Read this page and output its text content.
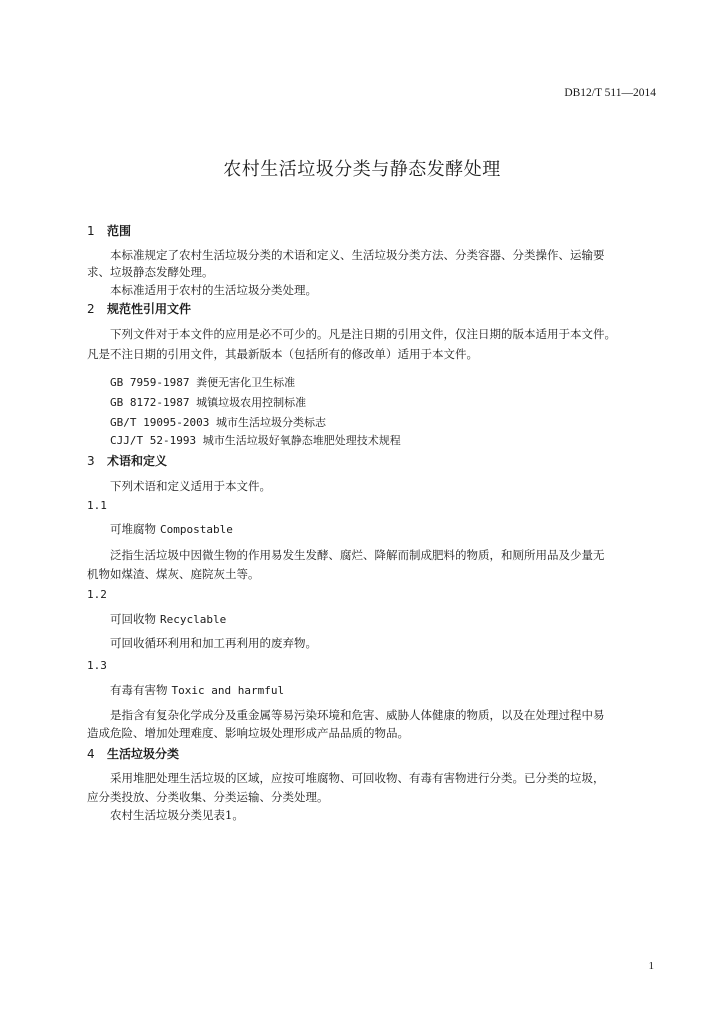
DB12/T 511—2014
农村生活垃圾分类与静态发酵处理
1 范围
本标准规定了农村生活垃圾分类的术语和定义、生活垃圾分类方法、分类容器、分类操作、运输要
求、垃圾静态发酵处理。
本标准适用于农村的生活垃圾分类处理。
2 规范性引用文件
下列文件对于本文件的应用是必不可少的。凡是注日期的引用文件，仅注日期的版本适用于本文件。
凡是不注日期的引用文件，其最新版本（包括所有的修改单）适用于本文件。
GB 7959-1987 粪便无害化卫生标准
GB 8172-1987 城镇垃圾农用控制标准
GB/T 19095-2003 城市生活垃圾分类标志
CJJ/T 52-1993 城市生活垃圾好氧静态堆肥处理技术规程
3 术语和定义
下列术语和定义适用于本文件。
1.1
可堆腐物 Compostable
泛指生活垃圾中因微生物的作用易发生发酵、腐烂、降解而制成肥料的物质，和厕所用品及少量无
机物如煤渣、煤灰、庭院灰土等。
1.2
可回收物 Recyclable
可回收循环利用和加工再利用的废弃物。
1.3
有毒有害物 Toxic and harmful
是指含有复杂化学成分及重金属等易污染环境和危害、威胁人体健康的物质，以及在处理过程中易
造成危险、增加处理难度、影响垃圾处理形成产品品质的物品。
4 生活垃圾分类
采用堆肥处理生活垃圾的区域，应按可堆腐物、可回收物、有毒有害物进行分类。已分类的垃圾，
应分类投放、分类收集、分类运输、分类处理。
农村生活垃圾分类见表1。
1
